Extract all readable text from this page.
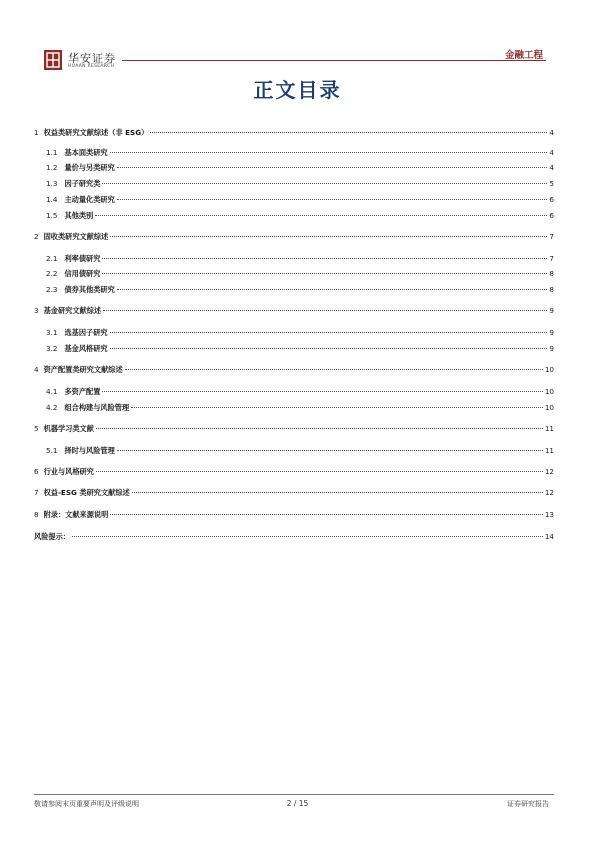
华安证券
HUAAN RESEARCH
金融工程
正文目录
1 权益类研究文献综述（非 ESG）	4
1.1 基本面类研究	4
1.2 量价与另类研究	4
1.3 因子研究类	5
1.4 主动量化类研究	6
1.5 其他类别	6
2 固收类研究文献综述	7
2.1 利率债研究	7
2.2 信用债研究	8
2.3 债券其他类研究	8
3 基金研究文献综述	9
3.1 选基因子研究	9
3.2 基金风格研究	9
4 资产配置类研究文献综述	10
4.1 多资产配置	10
4.2 组合构建与风险管理	10
5 机器学习类文献	11
5.1 择时与风险管理	11
6 行业与风格研究	12
7 权益-ESG 类研究文献综述	12
8 附录：文献来源说明	13
风险提示：	14
敬请参阅末页重要声明及评级说明	2 / 15	证券研究报告
